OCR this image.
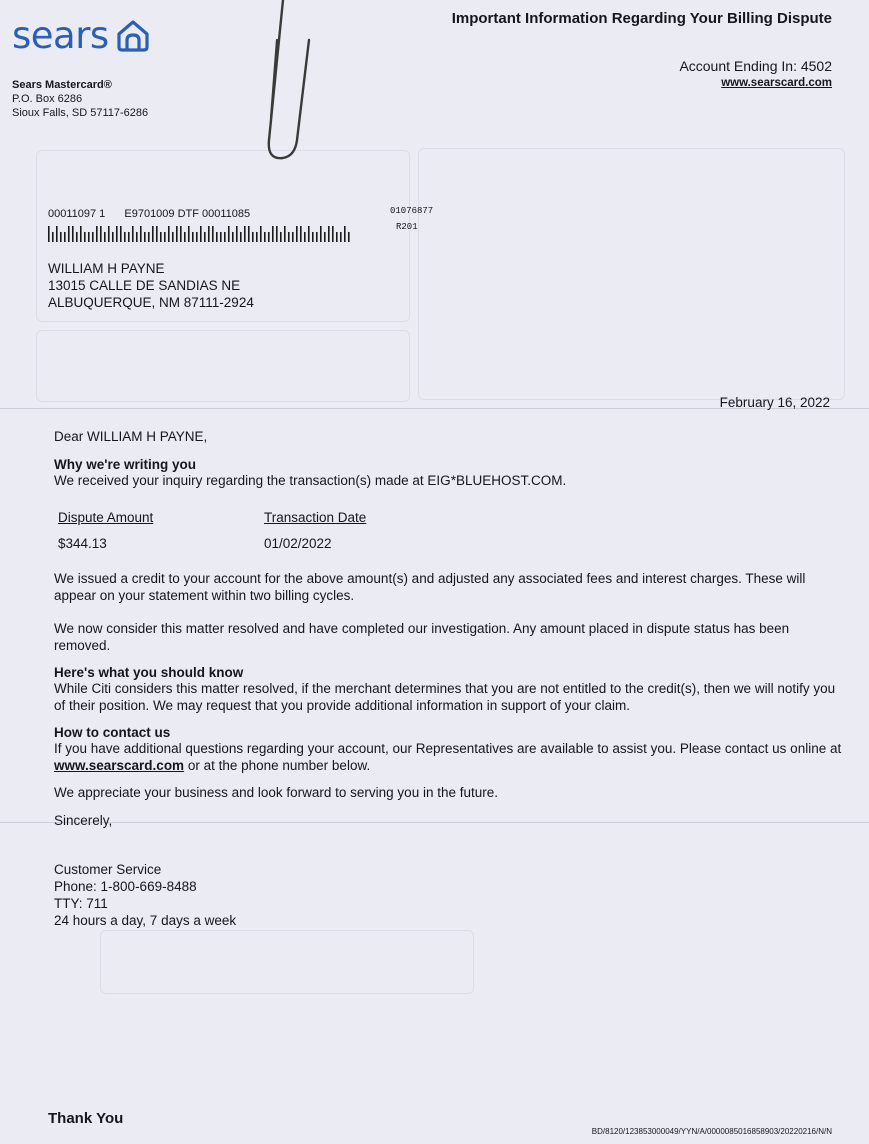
sears
Sears Mastercard®
P.O. Box 6286
Sioux Falls, SD 57117-6286
Important Information Regarding Your Billing Dispute
Account Ending In: 4502
www.searscard.com
00011097 1 E9701009 DTF 00011085	01076877
R201
WILLIAM H PAYNE
13015 CALLE DE SANDIAS NE
ALBUQUERQUE, NM 87111-2924
February 16, 2022
Dear WILLIAM H PAYNE,
Why we're writing you
We received your inquiry regarding the transaction(s) made at EIG*BLUEHOST.COM.
Dispute Amount	Transaction Date
$344.13	01/02/2022
We issued a credit to your account for the above amount(s) and adjusted any associated fees and interest charges. These will appear on your statement within two billing cycles.
We now consider this matter resolved and have completed our investigation. Any amount placed in dispute status has been removed.
Here's what you should know
While Citi considers this matter resolved, if the merchant determines that you are not entitled to the credit(s), then we will notify you of their position. We may request that you provide additional information in support of your claim.
How to contact us
If you have additional questions regarding your account, our Representatives are available to assist you. Please contact us online at www.searscard.com or at the phone number below.
We appreciate your business and look forward to serving you in the future.
Sincerely,
Customer Service
Phone: 1-800-669-8488
TTY: 711
24 hours a day, 7 days a week
Thank You
BD/8120/123853000049/YYN/A/0000085016858903/20220216/N/N
